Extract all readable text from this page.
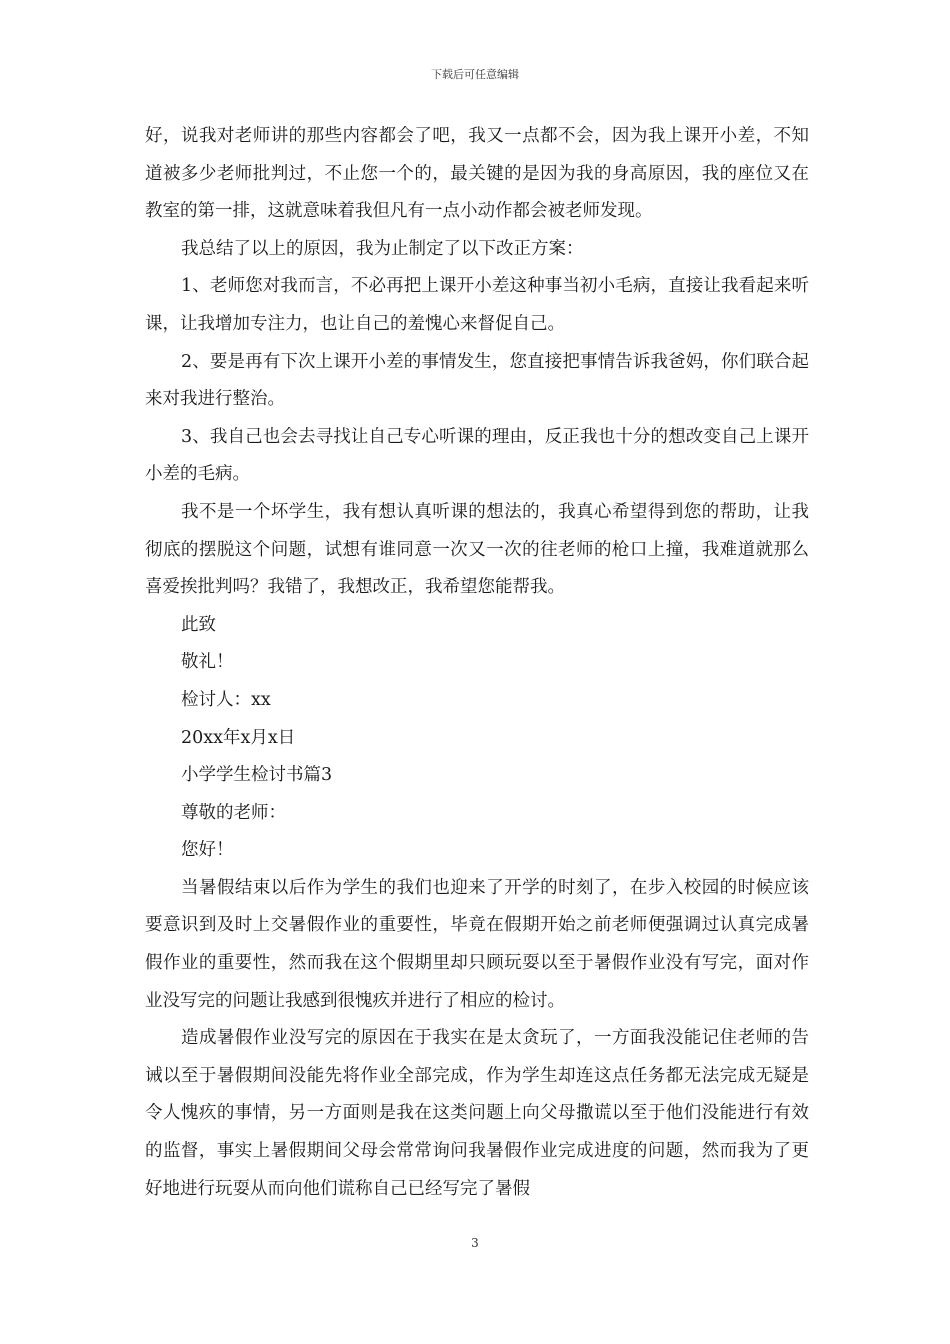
下载后可任意编辑

好，说我对老师讲的那些内容都会了吧，我又一点都不会，因为我上课开小差，不知道被多少老师批判过，不止您一个的，最关键的是因为我的身高原因，我的座位又在教室的第一排，这就意味着我但凡有一点小动作都会被老师发现。

我总结了以上的原因，我为止制定了以下改正方案：

1、老师您对我而言，不必再把上课开小差这种事当初小毛病，直接让我看起来听课，让我增加专注力，也让自己的羞愧心来督促自己。

2、要是再有下次上课开小差的事情发生，您直接把事情告诉我爸妈，你们联合起来对我进行整治。

3、我自己也会去寻找让自己专心听课的理由，反正我也十分的想改变自己上课开小差的毛病。

我不是一个坏学生，我有想认真听课的想法的，我真心希望得到您的帮助，让我彻底的摆脱这个问题，试想有谁同意一次又一次的往老师的枪口上撞，我难道就那么喜爱挨批判吗？我错了，我想改正，我希望您能帮我。

此致

敬礼！

检讨人：xx

20xx年x月x日

小学学生检讨书篇3

尊敬的老师：

您好！

当暑假结束以后作为学生的我们也迎来了开学的时刻了，在步入校园的时候应该要意识到及时上交暑假作业的重要性，毕竟在假期开始之前老师便强调过认真完成暑假作业的重要性，然而我在这个假期里却只顾玩耍以至于暑假作业没有写完，面对作业没写完的问题让我感到很愧疚并进行了相应的检讨。

造成暑假作业没写完的原因在于我实在是太贪玩了，一方面我没能记住老师的告诫以至于暑假期间没能先将作业全部完成，作为学生却连这点任务都无法完成无疑是令人愧疚的事情，另一方面则是我在这类问题上向父母撒谎以至于他们没能进行有效的监督，事实上暑假期间父母会常常询问我暑假作业完成进度的问题，然而我为了更好地进行玩耍从而向他们谎称自己已经写完了暑假

3
